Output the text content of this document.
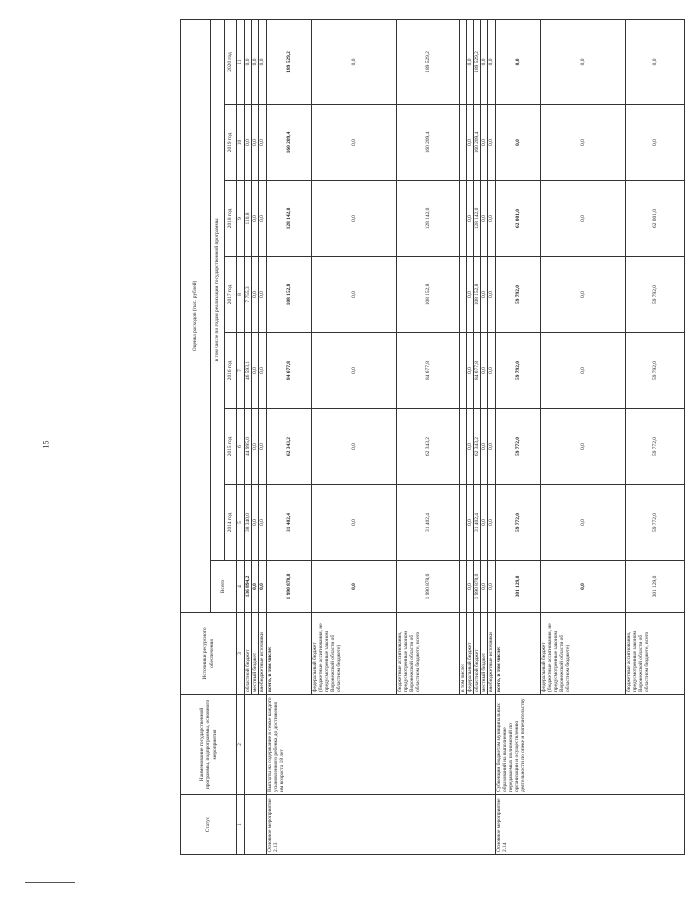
15
Статус	Наименование государственной программы, подпрограммы, основного мероприятия	Источники ресурсного обеспечения	Оценка расходов (тыс. рублей)							
			Всего	в том числе по годам реализации государственной программы						
				2014 год	2015 год	2016 год	2017 год	2018 год	2019 год	2020 год
1	2	3	4	5	6	7	8	9	10	11
		областной бюджет	136 894,2	38 340,0	44 995,0	46 593,1	7 755,3	110,8	0,0	0,0
		местный бюджет	0,0	0,0	0,0	0,0	0,0	0,0	0,0	0,0
		внебюджетные источники	0,0	0,0	0,0	0,0	0,0	0,0	0,0	0,0
Основное мероприятие 2.13	Выплаты на содержание в семье каждого усыновленного ребенка до достижения им возраста 18 лет	всего, в том числе:	1 990 878,0	31 402,4	62 343,2	84 677,8	108 152,8	128 142,0	160 209,4	189 529,2
		федеральный бюджет (бюджетные ассигнования, не предусмотренные законом Воронежской области об областном бюджете)	0,0	0,0	0,0	0,0	0,0	0,0	0,0	0,0
		бюджетные ассигнования, предусмотренные законом Воронежской области об областном бюджете, всего	1 990 878,0	31 402,4	62 343,2	84 677,8	108 152,8	128 142,0	160 209,4	189 529,2
		в том числе:								
		федеральный бюджет	0,0	0,0	0,0	0,0	0,0	0,0	0,0	0,0
		областной бюджет	1 990 878,0	31 402,4	62 343,2	84 677,8	108 152,8	128 142,0	160 209,4	189 529,2
		местный бюджет	0,0	0,0	0,0	0,0	0,0	0,0	0,0	0,0
		внебюджетные источники	0,0	0,0	0,0	0,0	0,0	0,0	0,0	0,0
Основное мероприятие 2.14	Субвенции бюджетам муниципальных образований на выполнение передаваемых полномочий по организации и осуществлению деятельности по опеке и попечительству	всего, в том числе:	301 129,0	59 772,0	59 772,0	59 792,0	59 792,0	62 001,0	0,0	0,0
		федеральный бюджет (бюджетные ассигнования, не предусмотренные законом Воронежской области об областном бюджете)	0,0	0,0	0,0	0,0	0,0	0,0	0,0	0,0
		бюджетные ассигнования, предусмотренные законом Воронежской области об областном бюджете, всего	301 129,0	59 772,0	59 772,0	59 792,0	59 792,0	62 001,0	0,0	0,0
